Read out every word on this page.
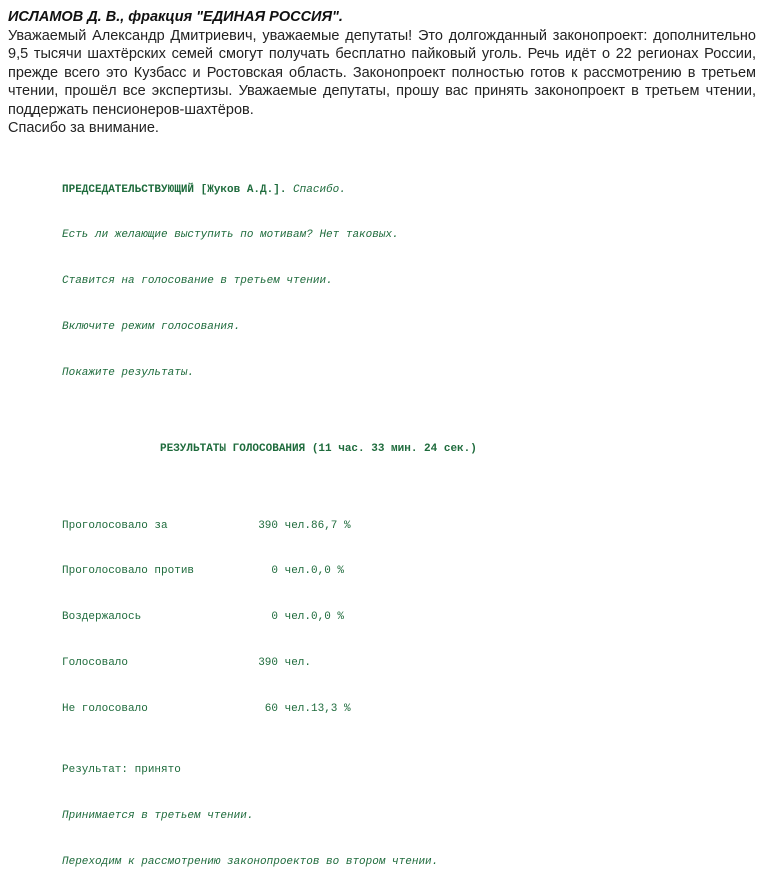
ИСЛАМОВ Д. В., фракция "ЕДИНАЯ РОССИЯ".
Уважаемый Александр Дмитриевич, уважаемые депутаты! Это долгожданный законопроект: дополнительно 9,5 тысячи шахтёрских семей смогут получать бесплатно пайковый уголь. Речь идёт о 22 регионах России, прежде всего это Кузбасс и Ростовская область. Законопроект полностью готов к рассмотрению в третьем чтении, прошёл все экспертизы. Уважаемые депутаты, прошу вас принять законопроект в третьем чтении, поддержать пенсионеров-шахтёров.
Спасибо за внимание.

ПРЕДСЕДАТЕЛЬСТВУЮЩИЙ [Жуков А.Д.]. Спасибо.

Есть ли желающие выступить по мотивам? Нет таковых.

Ставится на голосование в третьем чтении.

Включите режим голосования.

Покажите результаты.

РЕЗУЛЬТАТЫ ГОЛОСОВАНИЯ (11 час. 33 мин. 24 сек.)

Проголосовало за	390 чел.86,7 %

Проголосовало против	0 чел.0,0 %

Воздержалось	0 чел.0,0 %

Голосовало	390 чел.

Не голосовало	60 чел.13,3 %

Результат: принято

Принимается в третьем чтении.

Переходим к рассмотрению законопроектов во втором чтении.
